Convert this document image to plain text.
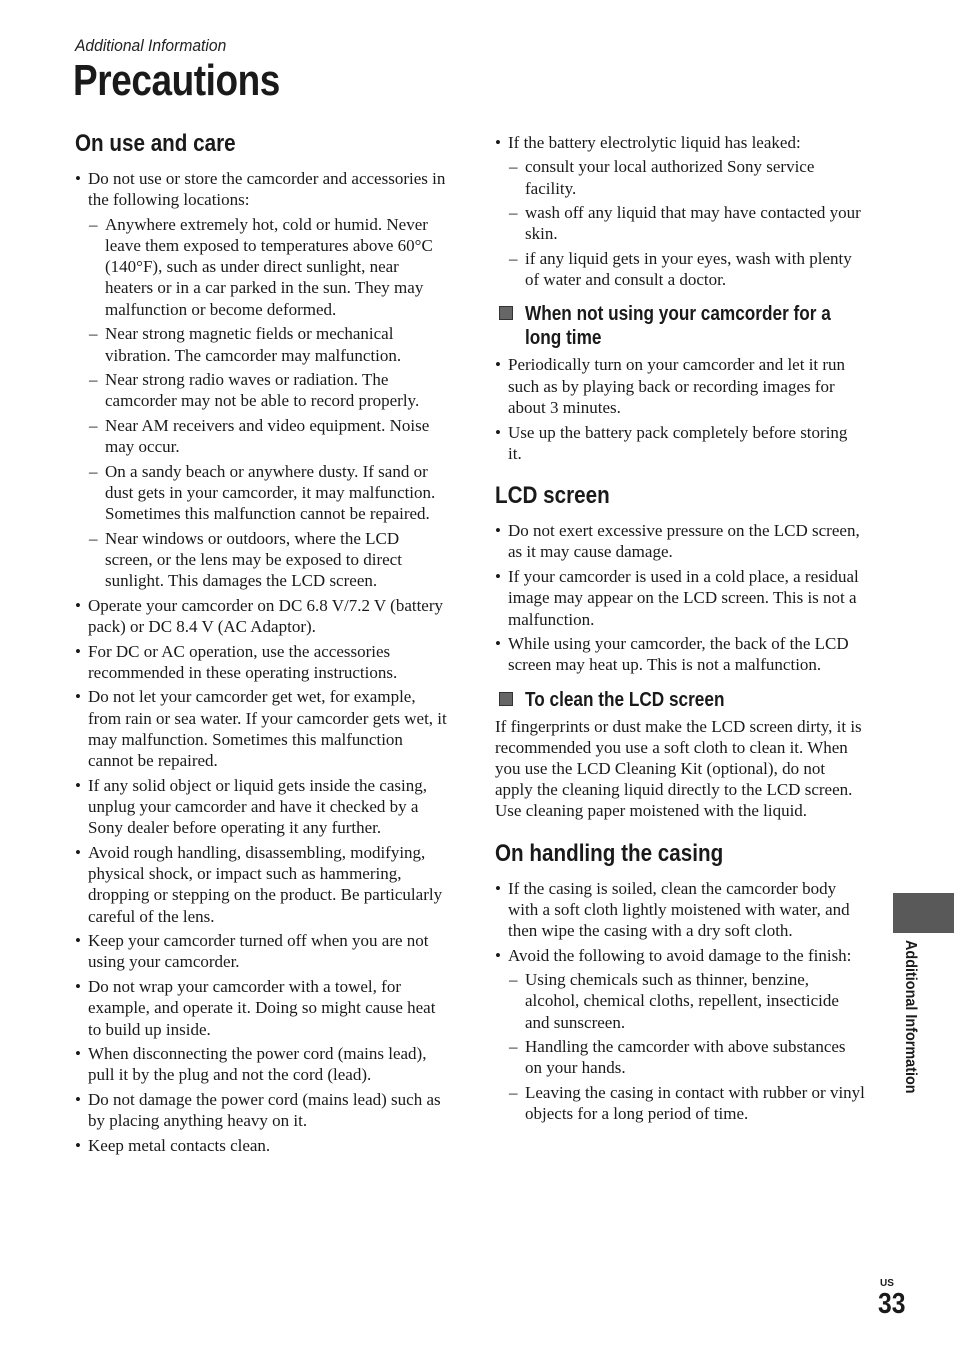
Additional Information
Precautions
On use and care
• Do not use or store the camcorder and accessories in the following locations:
– Anywhere extremely hot, cold or humid. Never leave them exposed to temperatures above 60°C (140°F), such as under direct sunlight, near heaters or in a car parked in the sun. They may malfunction or become deformed.
– Near strong magnetic fields or mechanical vibration. The camcorder may malfunction.
– Near strong radio waves or radiation. The camcorder may not be able to record properly.
– Near AM receivers and video equipment. Noise may occur.
– On a sandy beach or anywhere dusty. If sand or dust gets in your camcorder, it may malfunction. Sometimes this malfunction cannot be repaired.
– Near windows or outdoors, where the LCD screen, or the lens may be exposed to direct sunlight. This damages the LCD screen.
• Operate your camcorder on DC 6.8 V/7.2 V (battery pack) or DC 8.4 V (AC Adaptor).
• For DC or AC operation, use the accessories recommended in these operating instructions.
• Do not let your camcorder get wet, for example, from rain or sea water. If your camcorder gets wet, it may malfunction. Sometimes this malfunction cannot be repaired.
• If any solid object or liquid gets inside the casing, unplug your camcorder and have it checked by a Sony dealer before operating it any further.
• Avoid rough handling, disassembling, modifying, physical shock, or impact such as hammering, dropping or stepping on the product. Be particularly careful of the lens.
• Keep your camcorder turned off when you are not using your camcorder.
• Do not wrap your camcorder with a towel, for example, and operate it. Doing so might cause heat to build up inside.
• When disconnecting the power cord (mains lead), pull it by the plug and not the cord (lead).
• Do not damage the power cord (mains lead) such as by placing anything heavy on it.
• Keep metal contacts clean.
• If the battery electrolytic liquid has leaked:
– consult your local authorized Sony service facility.
– wash off any liquid that may have contacted your skin.
– if any liquid gets in your eyes, wash with plenty of water and consult a doctor.
When not using your camcorder for a
long time
• Periodically turn on your camcorder and let it run such as by playing back or recording images for about 3 minutes.
• Use up the battery pack completely before storing it.
LCD screen
• Do not exert excessive pressure on the LCD screen, as it may cause damage.
• If your camcorder is used in a cold place, a residual image may appear on the LCD screen. This is not a malfunction.
• While using your camcorder, the back of the LCD screen may heat up. This is not a malfunction.
To clean the LCD screen

If fingerprints or dust make the LCD screen dirty, it is recommended you use a soft cloth to clean it. When you use the LCD Cleaning Kit (optional), do not apply the cleaning liquid directly to the LCD screen. Use cleaning paper moistened with the liquid.

On handling the casing
• If the casing is soiled, clean the camcorder body with a soft cloth lightly moistened with water, and then wipe the casing with a dry soft cloth.
• Avoid the following to avoid damage to the finish:
– Using chemicals such as thinner, benzine, alcohol, chemical cloths, repellent, insecticide and sunscreen.
– Handling the camcorder with above substances on your hands.
– Leaving the casing in contact with rubber or vinyl objects for a long period of time.
Additional Information
US
33
